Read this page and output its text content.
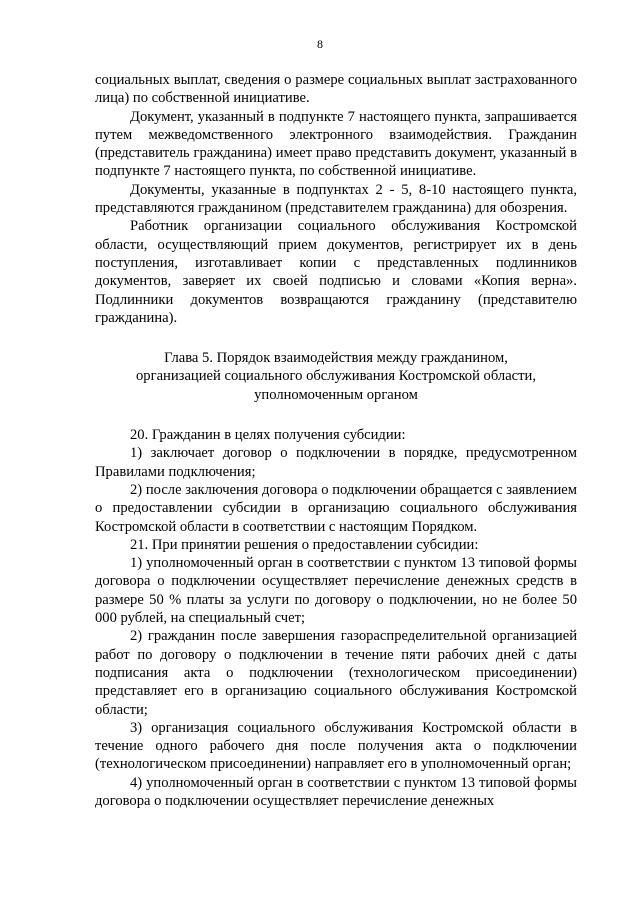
8

социальных выплат, сведения о размере социальных выплат застрахованного лица) по собственной инициативе.

Документ, указанный в подпункте 7 настоящего пункта, запрашивается путем межведомственного электронного взаимодействия. Гражданин (представитель гражданина) имеет право представить документ, указанный в подпункте 7 настоящего пункта, по собственной инициативе.

Документы, указанные в подпунктах 2 - 5, 8-10 настоящего пункта, представляются гражданином (представителем гражданина) для обозрения.

Работник организации социального обслуживания Костромской области, осуществляющий прием документов, регистрирует их в день поступления, изготавливает копии с представленных подлинников документов, заверяет их своей подписью и словами «Копия верна». Подлинники документов возвращаются гражданину (представителю гражданина).

Глава 5. Порядок взаимодействия между гражданином,
организацией социального обслуживания Костромской области,
уполномоченным органом

20. Гражданин в целях получения субсидии:

1) заключает договор о подключении в порядке, предусмотренном Правилами подключения;

2) после заключения договора о подключении обращается с заявлением о предоставлении субсидии в организацию социального обслуживания Костромской области в соответствии с настоящим Порядком.

21. При принятии решения о предоставлении субсидии:

1) уполномоченный орган в соответствии с пунктом 13 типовой формы договора о подключении осуществляет перечисление денежных средств в размере 50 % платы за услуги по договору о подключении, но не более 50 000 рублей, на специальный счет;

2) гражданин после завершения газораспределительной организацией работ по договору о подключении в течение пяти рабочих дней с даты подписания акта о подключении (технологическом присоединении) представляет его в организацию социального обслуживания Костромской области;

3) организация социального обслуживания Костромской области в течение одного рабочего дня после получения акта о подключении (технологическом присоединении) направляет его в уполномоченный орган;

4) уполномоченный орган в соответствии с пунктом 13 типовой формы договора о подключении осуществляет перечисление денежных
